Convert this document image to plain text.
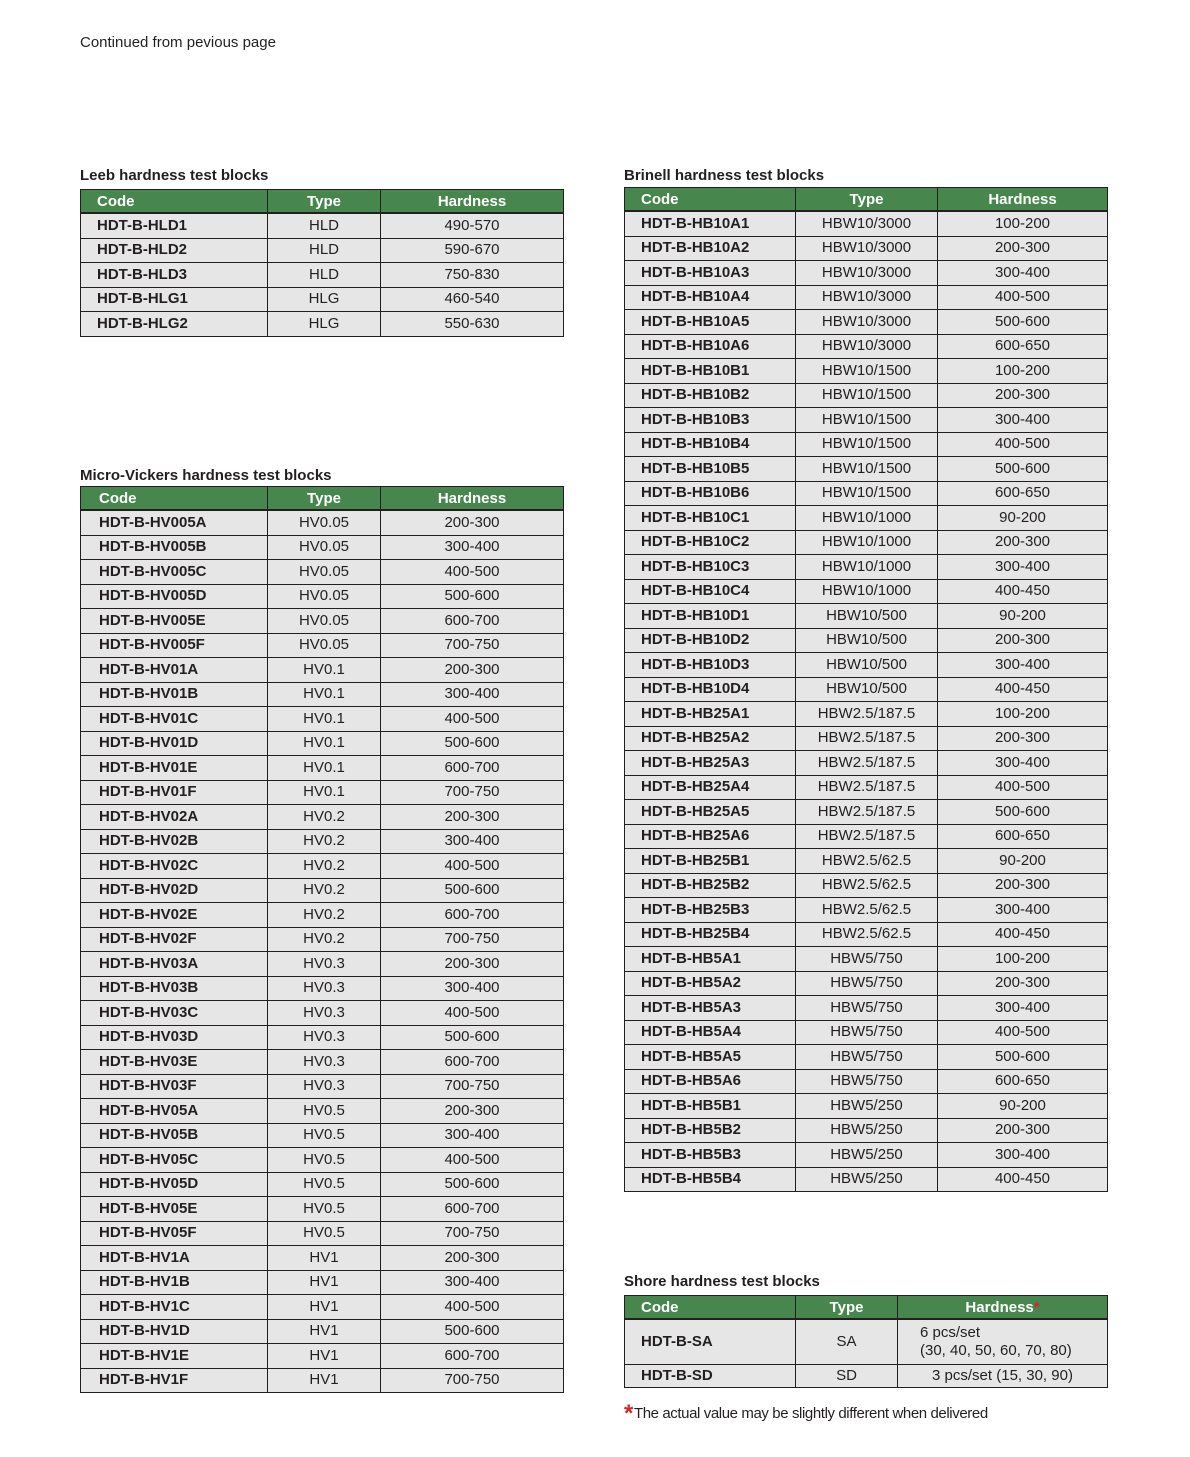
Continued from pevious page
Leeb hardness test blocks
Code	Type	Hardness
HDT-B-HLD1	HLD	490-570
HDT-B-HLD2	HLD	590-670
HDT-B-HLD3	HLD	750-830
HDT-B-HLG1	HLG	460-540
HDT-B-HLG2	HLG	550-630
Micro-Vickers hardness test blocks
Code	Type	Hardness
HDT-B-HV005A	HV0.05	200-300
HDT-B-HV005B	HV0.05	300-400
HDT-B-HV005C	HV0.05	400-500
HDT-B-HV005D	HV0.05	500-600
HDT-B-HV005E	HV0.05	600-700
HDT-B-HV005F	HV0.05	700-750
HDT-B-HV01A	HV0.1	200-300
HDT-B-HV01B	HV0.1	300-400
HDT-B-HV01C	HV0.1	400-500
HDT-B-HV01D	HV0.1	500-600
HDT-B-HV01E	HV0.1	600-700
HDT-B-HV01F	HV0.1	700-750
HDT-B-HV02A	HV0.2	200-300
HDT-B-HV02B	HV0.2	300-400
HDT-B-HV02C	HV0.2	400-500
HDT-B-HV02D	HV0.2	500-600
HDT-B-HV02E	HV0.2	600-700
HDT-B-HV02F	HV0.2	700-750
HDT-B-HV03A	HV0.3	200-300
HDT-B-HV03B	HV0.3	300-400
HDT-B-HV03C	HV0.3	400-500
HDT-B-HV03D	HV0.3	500-600
HDT-B-HV03E	HV0.3	600-700
HDT-B-HV03F	HV0.3	700-750
HDT-B-HV05A	HV0.5	200-300
HDT-B-HV05B	HV0.5	300-400
HDT-B-HV05C	HV0.5	400-500
HDT-B-HV05D	HV0.5	500-600
HDT-B-HV05E	HV0.5	600-700
HDT-B-HV05F	HV0.5	700-750
HDT-B-HV1A	HV1	200-300
HDT-B-HV1B	HV1	300-400
HDT-B-HV1C	HV1	400-500
HDT-B-HV1D	HV1	500-600
HDT-B-HV1E	HV1	600-700
HDT-B-HV1F	HV1	700-750
Brinell hardness test blocks
Code	Type	Hardness
HDT-B-HB10A1	HBW10/3000	100-200
HDT-B-HB10A2	HBW10/3000	200-300
HDT-B-HB10A3	HBW10/3000	300-400
HDT-B-HB10A4	HBW10/3000	400-500
HDT-B-HB10A5	HBW10/3000	500-600
HDT-B-HB10A6	HBW10/3000	600-650
HDT-B-HB10B1	HBW10/1500	100-200
HDT-B-HB10B2	HBW10/1500	200-300
HDT-B-HB10B3	HBW10/1500	300-400
HDT-B-HB10B4	HBW10/1500	400-500
HDT-B-HB10B5	HBW10/1500	500-600
HDT-B-HB10B6	HBW10/1500	600-650
HDT-B-HB10C1	HBW10/1000	90-200
HDT-B-HB10C2	HBW10/1000	200-300
HDT-B-HB10C3	HBW10/1000	300-400
HDT-B-HB10C4	HBW10/1000	400-450
HDT-B-HB10D1	HBW10/500	90-200
HDT-B-HB10D2	HBW10/500	200-300
HDT-B-HB10D3	HBW10/500	300-400
HDT-B-HB10D4	HBW10/500	400-450
HDT-B-HB25A1	HBW2.5/187.5	100-200
HDT-B-HB25A2	HBW2.5/187.5	200-300
HDT-B-HB25A3	HBW2.5/187.5	300-400
HDT-B-HB25A4	HBW2.5/187.5	400-500
HDT-B-HB25A5	HBW2.5/187.5	500-600
HDT-B-HB25A6	HBW2.5/187.5	600-650
HDT-B-HB25B1	HBW2.5/62.5	90-200
HDT-B-HB25B2	HBW2.5/62.5	200-300
HDT-B-HB25B3	HBW2.5/62.5	300-400
HDT-B-HB25B4	HBW2.5/62.5	400-450
HDT-B-HB5A1	HBW5/750	100-200
HDT-B-HB5A2	HBW5/750	200-300
HDT-B-HB5A3	HBW5/750	300-400
HDT-B-HB5A4	HBW5/750	400-500
HDT-B-HB5A5	HBW5/750	500-600
HDT-B-HB5A6	HBW5/750	600-650
HDT-B-HB5B1	HBW5/250	90-200
HDT-B-HB5B2	HBW5/250	200-300
HDT-B-HB5B3	HBW5/250	300-400
HDT-B-HB5B4	HBW5/250	400-450
Shore hardness test blocks
Code	Type	Hardness*
HDT-B-SA	SA	6 pcs/set
(30, 40, 50, 60, 70, 80)

HDT-B-SD	SD	3 pcs/set (15, 30, 90)
*The actual value may be slightly different when delivered
